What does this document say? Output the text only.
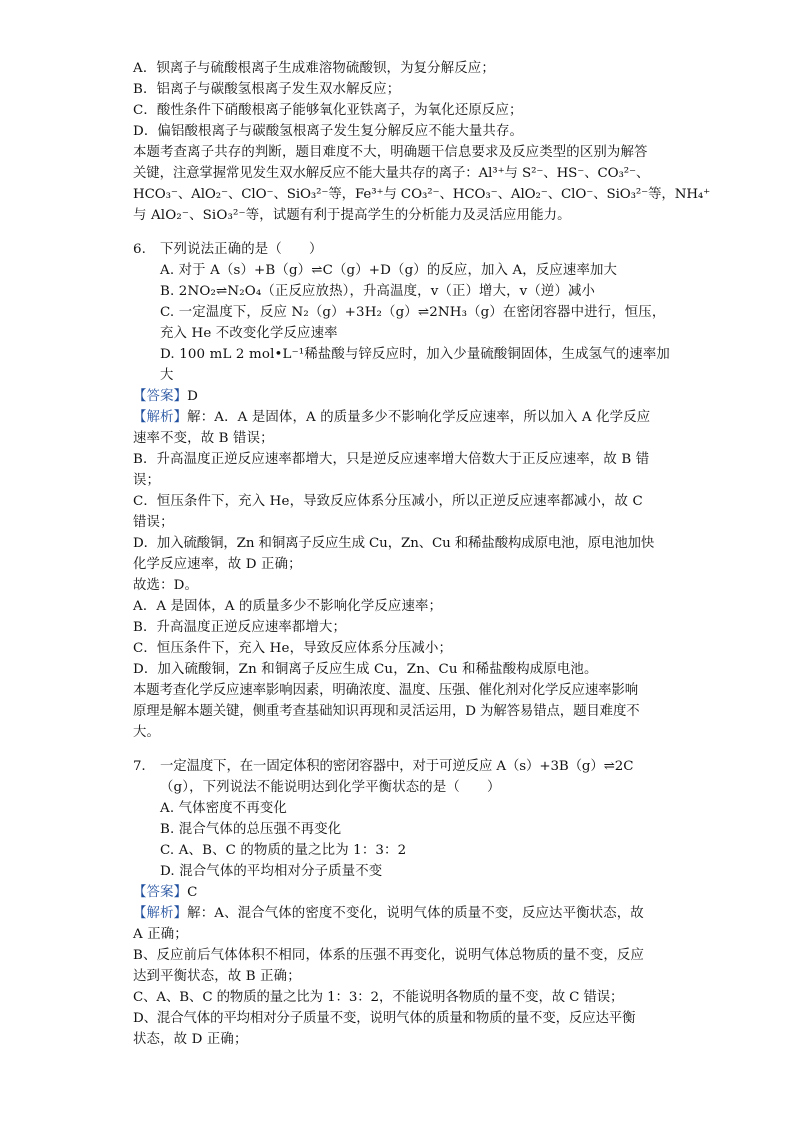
A．钡离子与硫酸根离子生成难溶物硫酸钡，为复分解反应；
B．铝离子与碳酸氢根离子发生双水解反应；
C．酸性条件下硝酸根离子能够氧化亚铁离子，为氧化还原反应；
D．偏铝酸根离子与碳酸氢根离子发生复分解反应不能大量共存。
本题考查离子共存的判断，题目难度不大，明确题干信息要求及反应类型的区别为解答
关键，注意掌握常见发生双水解反应不能大量共存的离子：Al³⁺与 S²⁻、HS⁻、CO₃²⁻、
HCO₃⁻、AlO₂⁻、ClO⁻、SiO₃²⁻等，Fe³⁺与 CO₃²⁻、HCO₃⁻、AlO₂⁻、ClO⁻、SiO₃²⁻等，NH₄⁺
与 AlO₂⁻、SiO₃²⁻等，试题有利于提高学生的分析能力及灵活应用能力。
6. 下列说法正确的是（　　）
A. 对于 A（s）+B（g）⇌C（g）+D（g）的反应，加入 A，反应速率加大
B. 2NO₂⇌N₂O₄（正反应放热），升高温度，v（正）增大，v（逆）减小
C. 一定温度下，反应 N₂（g）+3H₂（g）⇌2NH₃（g）在密闭容器中进行，恒压，
充入 He 不改变化学反应速率
D. 100 mL 2 mol•L⁻¹稀盐酸与锌反应时，加入少量硫酸铜固体，生成氢气的速率加
大
【答案】D
【解析】解：A．A 是固体，A 的质量多少不影响化学反应速率，所以加入 A 化学反应
速率不变，故 B 错误；
B．升高温度正逆反应速率都增大，只是逆反应速率增大倍数大于正反应速率，故 B 错
误；
C．恒压条件下，充入 He，导致反应体系分压减小，所以正逆反应速率都减小，故 C
错误；
D．加入硫酸铜，Zn 和铜离子反应生成 Cu，Zn、Cu 和稀盐酸构成原电池，原电池加快
化学反应速率，故 D 正确；
故选：D。
A．A 是固体，A 的质量多少不影响化学反应速率；
B．升高温度正逆反应速率都增大；
C．恒压条件下，充入 He，导致反应体系分压减小；
D．加入硫酸铜，Zn 和铜离子反应生成 Cu，Zn、Cu 和稀盐酸构成原电池。
本题考查化学反应速率影响因素，明确浓度、温度、压强、催化剂对化学反应速率影响
原理是解本题关键，侧重考查基础知识再现和灵活运用，D 为解答易错点，题目难度不
大。
7. 一定温度下，在一固定体积的密闭容器中，对于可逆反应 A（s）+3B（g）⇌2C
（g），下列说法不能说明达到化学平衡状态的是（　　）
A. 气体密度不再变化
B. 混合气体的总压强不再变化
C. A、B、C 的物质的量之比为 1：3：2
D. 混合气体的平均相对分子质量不变
【答案】C
【解析】解：A、混合气体的密度不变化，说明气体的质量不变，反应达平衡状态，故
A 正确；
B、反应前后气体体积不相同，体系的压强不再变化，说明气体总物质的量不变，反应
达到平衡状态，故 B 正确；
C、A、B、C 的物质的量之比为 1：3：2，不能说明各物质的量不变，故 C 错误；
D、混合气体的平均相对分子质量不变，说明气体的质量和物质的量不变，反应达平衡
状态，故 D 正确；
